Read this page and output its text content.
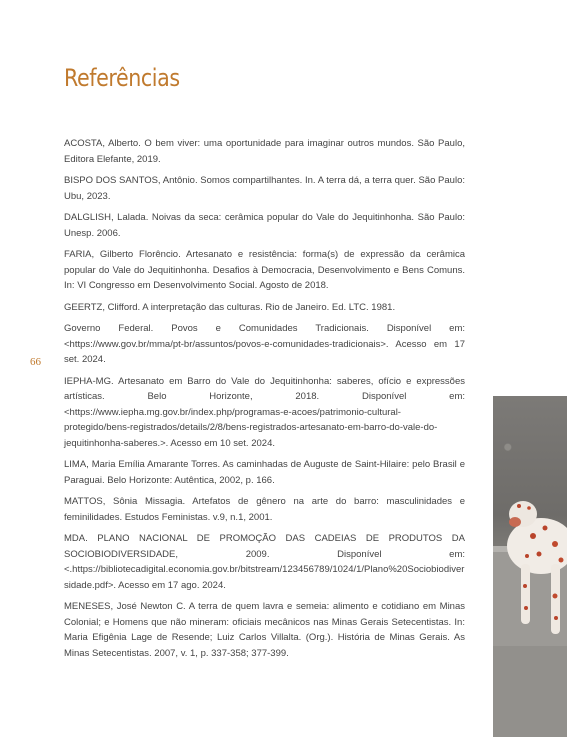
Referências
66
ACOSTA, Alberto. O bem viver: uma oportunidade para imaginar outros mundos. São Paulo, Editora Elefante, 2019.
BISPO DOS SANTOS, Antônio. Somos compartilhantes. In. A terra dá, a terra quer. São Paulo: Ubu, 2023.
DALGLISH, Lalada. Noivas da seca: cerâmica popular do Vale do Jequitinhonha. São Paulo: Unesp. 2006.
FARIA, Gilberto Florêncio. Artesanato e resistência: forma(s) de expressão da cerâmica popular do Vale do Jequitinhonha. Desafios à Democracia, Desenvolvimento e Bens Comuns. In: VI Congresso em Desenvolvimento Social. Agosto de 2018.
GEERTZ, Clifford. A interpretação das culturas. Rio de Janeiro. Ed. LTC. 1981.
Governo Federal. Povos e Comunidades Tradicionais. Disponível em: <https://www.gov.br/mma/pt-br/assuntos/povos-e-comunidades-tradicionais>. Acesso em 17 set. 2024.
IEPHA-MG. Artesanato em Barro do Vale do Jequitinhonha: saberes, ofício e expressões artísticas. Belo Horizonte, 2018. Disponível em: <https://www.iepha.mg.gov.br/index.php/programas-e-acoes/patrimonio-cultural-protegido/bens-registrados/details/2/8/bens-registrados-artesanato-em-barro-do-vale-do-jequitinhonha-saberes.>. Acesso em 10 set. 2024.
LIMA, Maria Emília Amarante Torres. As caminhadas de Auguste de Saint-Hilaire: pelo Brasil e Paraguai. Belo Horizonte: Autêntica, 2002, p. 166.
MATTOS, Sônia Missagia. Artefatos de gênero na arte do barro: masculinidades e feminilidades. Estudos Feministas. v.9, n.1, 2001.
MDA. PLANO NACIONAL DE PROMOÇÃO DAS CADEIAS DE PRODUTOS DA SOCIOBIODIVERSIDADE, 2009. Disponível em: <.https://bibliotecadigital.economia.gov.br/bitstream/123456789/1024/1/Plano%20Sociobiodiversidade.pdf>. Acesso em 17 ago. 2024.
MENESES, José Newton C. A terra de quem lavra e semeia: alimento e cotidiano em Minas Colonial; e Homens que não mineram: oficiais mecânicos nas Minas Gerais Setecentistas. In: Maria Efigênia Lage de Resende; Luiz Carlos Villalta. (Org.). História de Minas Gerais. As Minas Setecentistas. 2007, v. 1, p. 337-358; 377-399.
